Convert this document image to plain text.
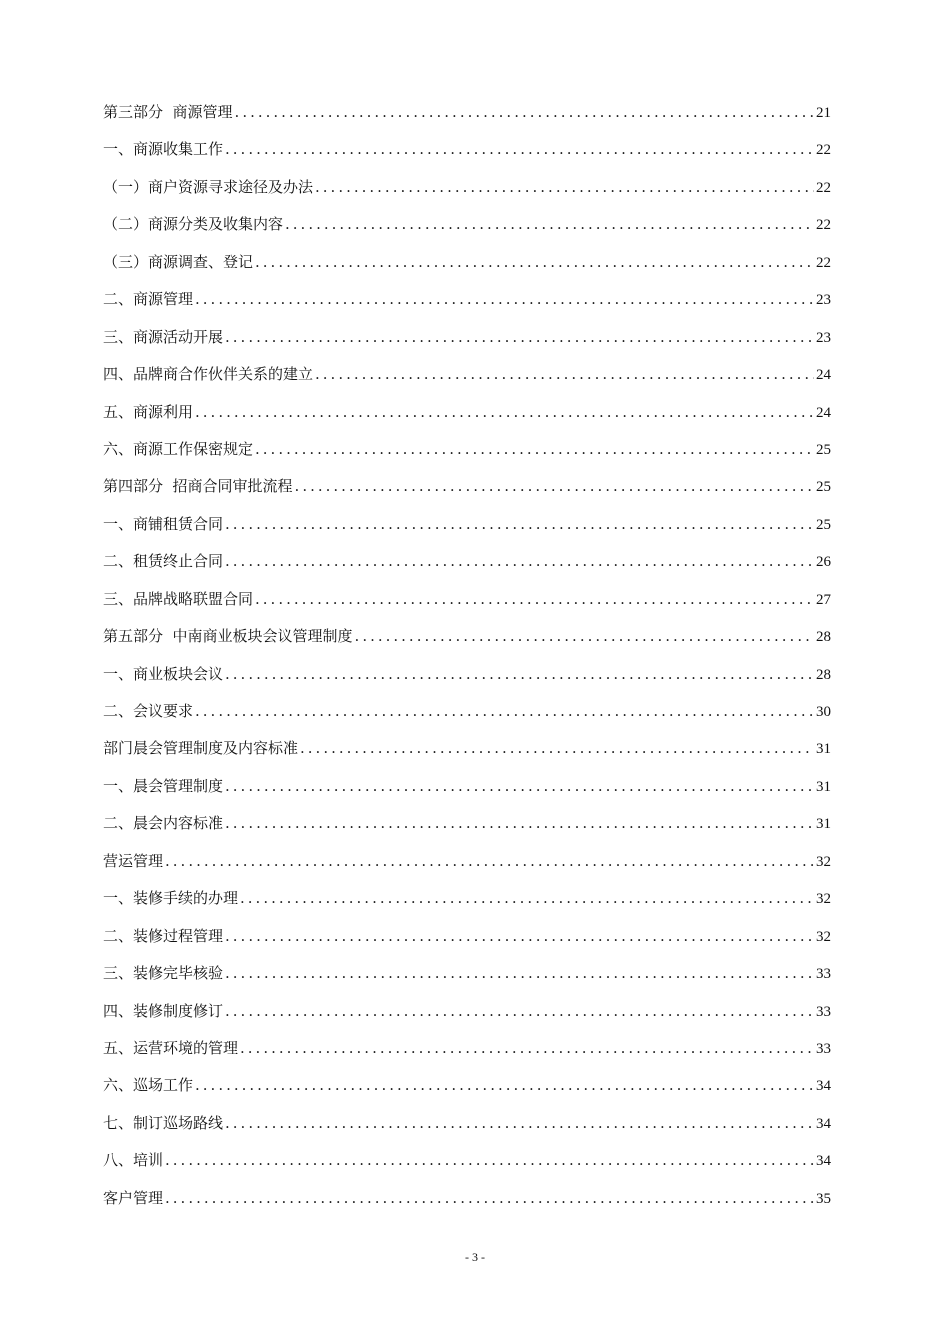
第三部分  商源管理 .....	21
一、商源收集工作 .....	22
（一）商户资源寻求途径及办法 .....	22
（二）商源分类及收集内容 .....	22
（三）商源调查、登记 .....	22
二、商源管理 .....	23
三、商源活动开展 .....	23
四、品牌商合作伙伴关系的建立 .....	24
五、商源利用 .....	24
六、商源工作保密规定 .....	25
第四部分  招商合同审批流程 .....	25
一、商铺租赁合同 .....	25
二、租赁终止合同 .....	26
三、品牌战略联盟合同 .....	27
第五部分  中南商业板块会议管理制度 .....	28
一、商业板块会议 .....	28
二、会议要求 .....	30
部门晨会管理制度及内容标准 .....	31
一、晨会管理制度 .....	31
二、晨会内容标准 .....	31
营运管理 .....	32
一、装修手续的办理 .....	32
二、装修过程管理 .....	32
三、装修完毕核验 .....	33
四、装修制度修订 .....	33
五、运营环境的管理 .....	33
六、巡场工作 .....	34
七、制订巡场路线 .....	34
八、培训 .....	34
客户管理 .....	35
- 3 -
